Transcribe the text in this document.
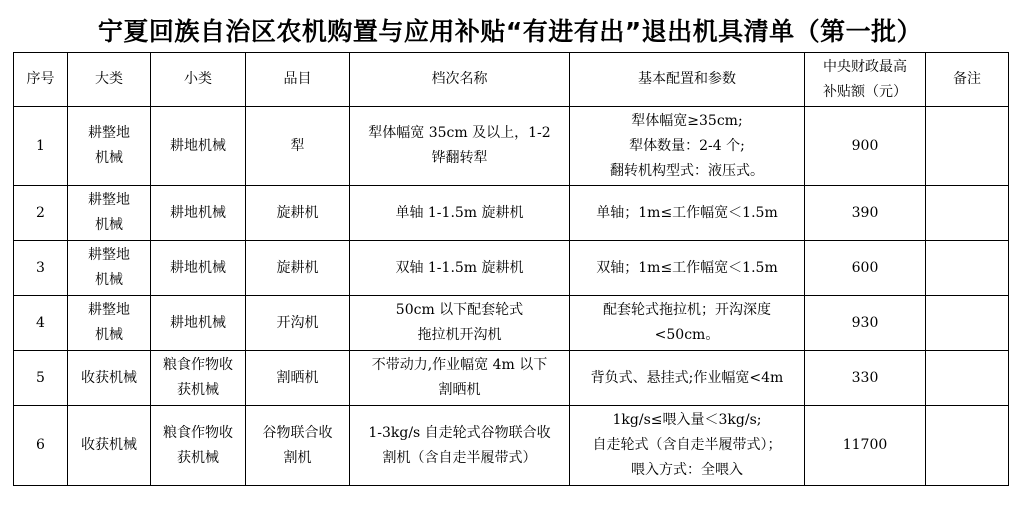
宁夏回族自治区农机购置与应用补贴“有进有出”退出机具清单（第一批）
序号	大类	小类	品目	档次名称	基本配置和参数	中央财政最高
补贴额（元）	备注
1	耕整地
机械	耕地机械	犁	犁体幅宽 35cm 及以上，1-2
铧翻转犁	犁体幅宽≥35cm;
犁体数量：2-4 个;
翻转机构型式：液压式。	900	
2	耕整地
机械	耕地机械	旋耕机	单轴 1-1.5m 旋耕机	单轴；1m≤工作幅宽＜1.5m	390	
3	耕整地
机械	耕地机械	旋耕机	双轴 1-1.5m 旋耕机	双轴；1m≤工作幅宽＜1.5m	600	
4	耕整地
机械	耕地机械	开沟机	50cm 以下配套轮式
拖拉机开沟机	配套轮式拖拉机；开沟深度<50cm。	930	
5	收获机械	粮食作物收
获机械	割晒机	不带动力,作业幅宽 4m 以下
割晒机	背负式、悬挂式;作业幅宽<4m	330	
6	收获机械	粮食作物收
获机械	谷物联合收
割机	1-3kg/s 自走轮式谷物联合收
割机（含自走半履带式）	1kg/s≤喂入量＜3kg/s;
自走轮式（含自走半履带式）；
喂入方式：全喂入	11700	
